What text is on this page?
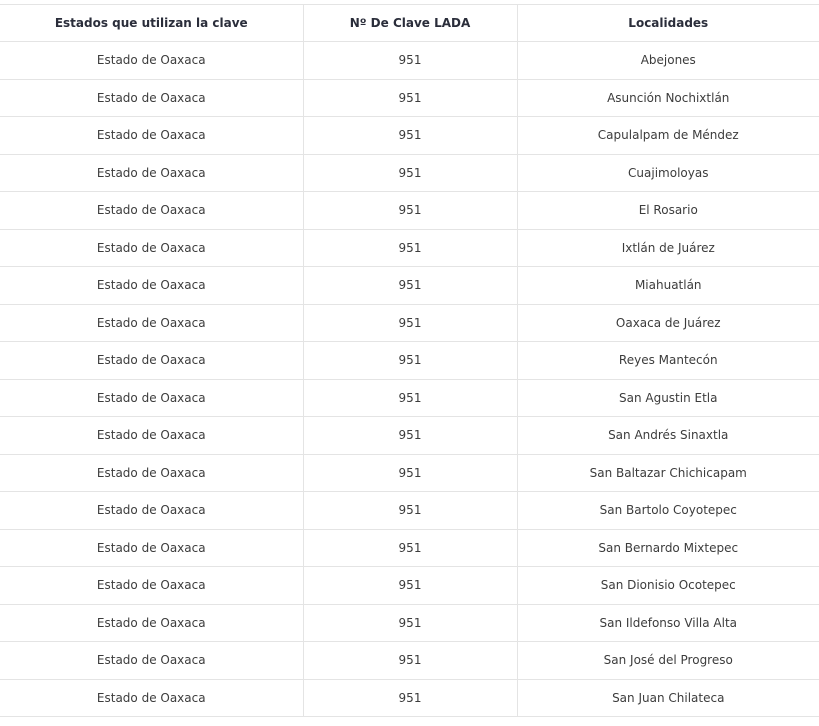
Estados que utilizan la clave	Nº De Clave LADA	Localidades
Estado de Oaxaca	951	Abejones
Estado de Oaxaca	951	Asunción Nochixtlán
Estado de Oaxaca	951	Capulalpam de Méndez
Estado de Oaxaca	951	Cuajimoloyas
Estado de Oaxaca	951	El Rosario
Estado de Oaxaca	951	Ixtlán de Juárez
Estado de Oaxaca	951	Miahuatlán
Estado de Oaxaca	951	Oaxaca de Juárez
Estado de Oaxaca	951	Reyes Mantecón
Estado de Oaxaca	951	San Agustin Etla
Estado de Oaxaca	951	San Andrés Sinaxtla
Estado de Oaxaca	951	San Baltazar Chichicapam
Estado de Oaxaca	951	San Bartolo Coyotepec
Estado de Oaxaca	951	San Bernardo Mixtepec
Estado de Oaxaca	951	San Dionisio Ocotepec
Estado de Oaxaca	951	San Ildefonso Villa Alta
Estado de Oaxaca	951	San José del Progreso
Estado de Oaxaca	951	San Juan Chilateca
